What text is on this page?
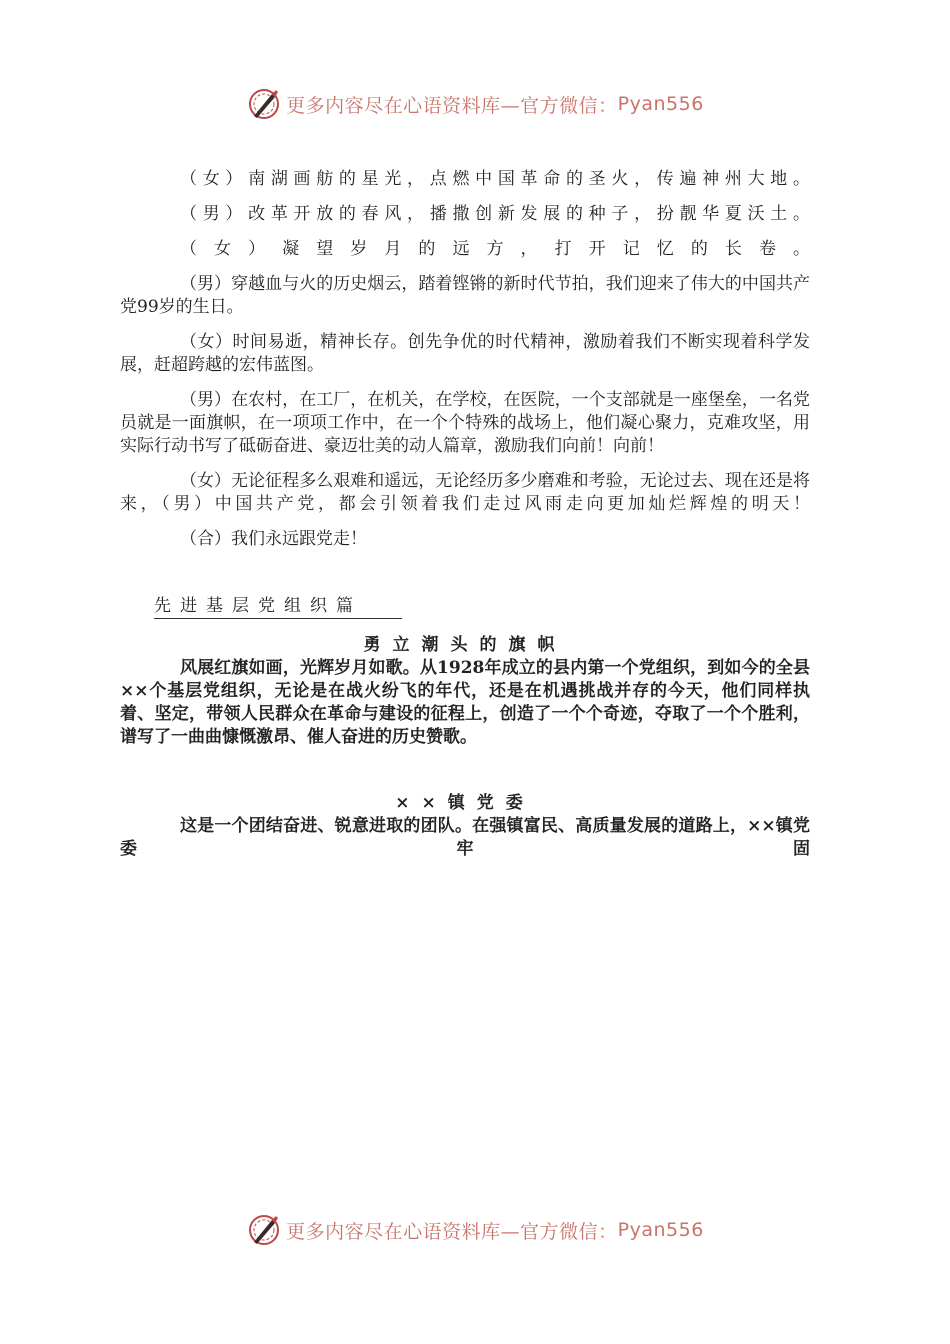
更多内容尽在心语资料库—官方微信： Pyan556

（女）南湖画舫的星光，点燃中国革命的圣火，传遍神州大地。

（男）改革开放的春风，播撒创新发展的种子，扮靓华夏沃土。

（女）凝望岁月的远方，打开记忆的长卷。

（男）穿越血与火的历史烟云，踏着铿锵的新时代节拍，我们迎来了伟大的中国共产党99岁的生日。

（女）时间易逝，精神长存。创先争优的时代精神，激励着我们不断实现着科学发展，赶超跨越的宏伟蓝图。

（男）在农村，在工厂，在机关，在学校，在医院，一个支部就是一座堡垒，一名党员就是一面旗帜，在一项项工作中，在一个个特殊的战场上，他们凝心聚力，克难攻坚，用实际行动书写了砥砺奋进、豪迈壮美的动人篇章，激励我们向前！向前！

（女）无论征程多么艰难和遥远，无论经历多少磨难和考验，无论过去、现在还是将来，（男）中国共产党，都会引领着我们走过风雨走向更加灿烂辉煌的明天！

（合）我们永远跟党走！

先进基层党组织篇
勇立潮头的旗帜

风展红旗如画，光辉岁月如歌。从1928年成立的县内第一个党组织，到如今的全县××个基层党组织，无论是在战火纷飞的年代，还是在机遇挑战并存的今天，他们同样执着、坚定，带领人民群众在革命与建设的征程上，创造了一个个奇迹，夺取了一个个胜利，谱写了一曲曲慷慨激昂、催人奋进的历史赞歌。

××镇党委

这是一个团结奋进、锐意进取的团队。在强镇富民、高质量发展的道路上，××镇党委牢固

更多内容尽在心语资料库—官方微信： Pyan556
